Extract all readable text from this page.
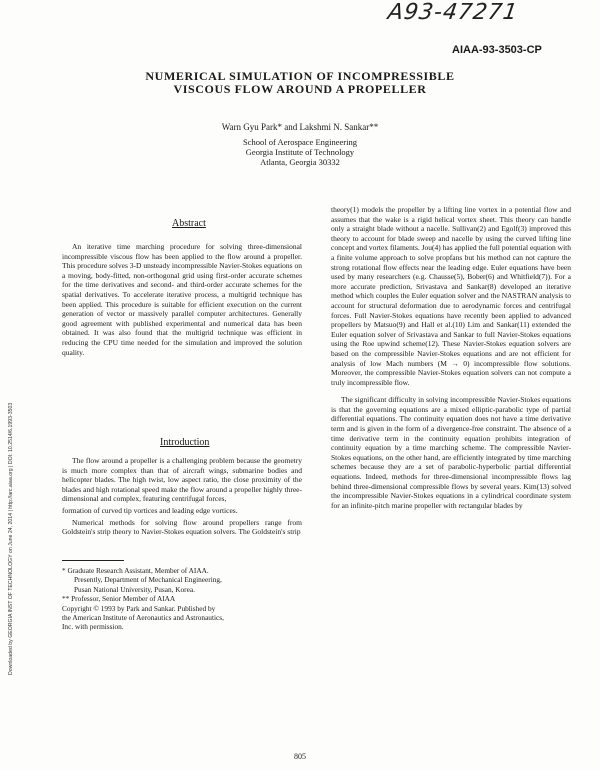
A93-47271
AIAA-93-3503-CP
NUMERICAL SIMULATION OF INCOMPRESSIBLE
VISCOUS FLOW AROUND A PROPELLER
Warn Gyu Park* and Lakshmi N. Sankar**
School of Aerospace Engineering
Georgia Institute of Technology
Atlanta, Georgia 30332
Downloaded by GEORGIA INST OF TECHNOLOGY on June 24, 2014 | http://arc.aiaa.org | DOI: 10.2514/6.1993-3503
Abstract

An iterative time marching procedure for solving three-dimensional incompressible viscous flow has been applied to the flow around a propeller. This procedure solves 3-D unsteady incompressible Navier-Stokes equations on a moving, body-fitted, non-orthogonal grid using first-order accurate schemes for the time derivatives and second- and third-order accurate schemes for the spatial derivatives. To accelerate iterative process, a multigrid technique has been applied. This procedure is suitable for efficient execution on the current generation of vector or massively parallel computer architectures. Generally good agreement with published experimental and numerical data has been obtained. It was also found that the multigrid technique was efficient in reducing the CPU time needed for the simulation and improved the solution quality.

Introduction

The flow around a propeller is a challenging problem because the geometry is much more complex than that of aircraft wings, submarine bodies and helicopter blades. The high twist, low aspect ratio, the close proximity of the blades and high rotational speed make the flow around a propeller highly three-dimensional and complex, featuring centrifugal forces,

formation of curved tip vortices and leading edge vortices.

Numerical methods for solving flow around propellers range from Goldstein's strip theory to Navier-Stokes equation solvers. The Goldstein's strip

* Graduate Research Assistant, Member of AIAA.

Presently, Department of Mechanical Engineering,

Pusan National University, Pusan, Korea.

** Professor, Senior Member of AIAA

Copyright © 1993 by Park and Sankar. Published by

the American Institute of Aeronautics and Astronautics,

Inc. with permission.

theory(1) models the propeller by a lifting line vortex in a potential flow and assumes that the wake is a rigid helical vortex sheet. This theory can handle only a straight blade without a nacelle. Sullivan(2) and Egolf(3) improved this theory to account for blade sweep and nacelle by using the curved lifting line concept and vortex filaments. Jou(4) has applied the full potential equation with a finite volume approach to solve propfans but his method can not capture the strong rotational flow effects near the leading edge. Euler equations have been used by many researchers (e.g. Chausse(5), Bober(6) and Whitfield(7)). For a more accurate prediction, Srivastava and Sankar(8) developed an iterative method which couples the Euler equation solver and the NASTRAN analysis to account for structural deformation due to aerodynamic forces and centrifugal forces. Full Navier-Stokes equations have recently been applied to advanced propellers by Matsuo(9) and Hall et al.(10) Lim and Sankar(11) extended the Euler equation solver of Srivastava and Sankar to full Navier-Stokes equations using the Roe upwind scheme(12). These Navier-Stokes equation solvers are based on the compressible Navier-Stokes equations and are not efficient for analysis of low Mach numbers (M → 0) incompressible flow solutions. Moreover, the compressible Navier-Stokes equation solvers can not compute a truly incompressible flow.

The significant difficulty in solving incompressible Navier-Stokes equations is that the governing equations are a mixed elliptic-parabolic type of partial differential equations. The continuity equation does not have a time derivative term and is given in the form of a divergence-free constraint. The absence of a time derivative term in the continuity equation prohibits integration of continuity equation by a time marching scheme. The compressible Navier-Stokes equations, on the other hand, are efficiently integrated by time marching schemes because they are a set of parabolic-hyperbolic partial differential equations. Indeed, methods for three-dimensional incompressible flows lag behind three-dimensional compressible flows by several years. Kim(13) solved the incompressible Navier-Stokes equations in a cylindrical coordinate system for an infinite-pitch marine propeller with rectangular blades by

805
